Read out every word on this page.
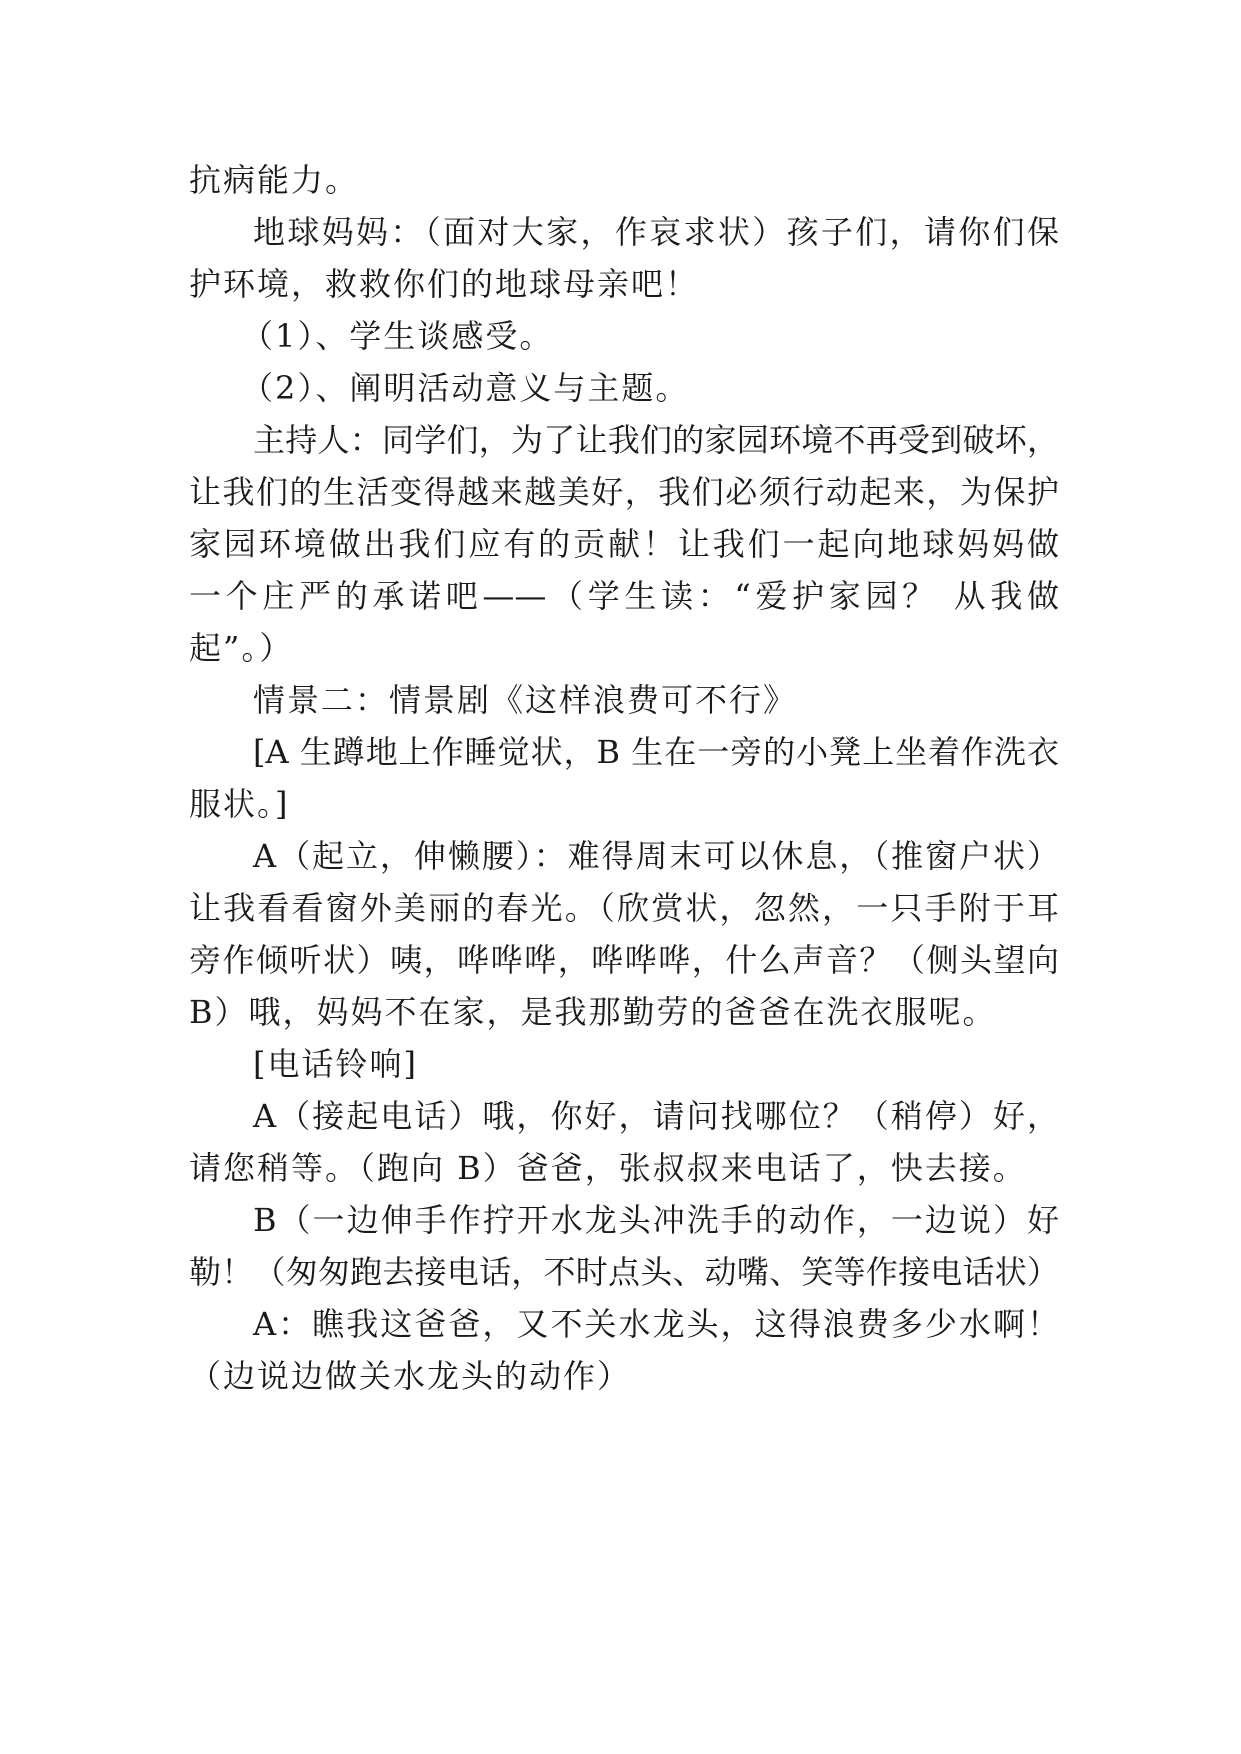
抗病能力。
地球妈妈：（面对大家，作哀求状）孩子们，请你们保
护环境，救救你们的地球母亲吧！
（1）、学生谈感受。
（2）、阐明活动意义与主题。
主持人：同学们，为了让我们的家园环境不再受到破坏，
让我们的生活变得越来越美好，我们必须行动起来，为保护
家园环境做出我们应有的贡献！让我们一起向地球妈妈做
一个庄严的承诺吧——（学生读：“爱护家园？ 从我做
起”。）
情景二：情景剧《这样浪费可不行》
[A 生蹲地上作睡觉状，B 生在一旁的小凳上坐着作洗衣
服状。]
A（起立，伸懒腰）：难得周末可以休息，（推窗户状）
让我看看窗外美丽的春光。（欣赏状，忽然，一只手附于耳
旁作倾听状）咦，哗哗哗，哗哗哗，什么声音？（侧头望向
B）哦，妈妈不在家，是我那勤劳的爸爸在洗衣服呢。
[电话铃响]
A（接起电话）哦，你好，请问找哪位？（稍停）好，
请您稍等。（跑向 B）爸爸，张叔叔来电话了，快去接。
B（一边伸手作拧开水龙头冲洗手的动作，一边说）好
勒！（匆匆跑去接电话，不时点头、动嘴、笑等作接电话状）
A：瞧我这爸爸，又不关水龙头，这得浪费多少水啊！
（边说边做关水龙头的动作）
